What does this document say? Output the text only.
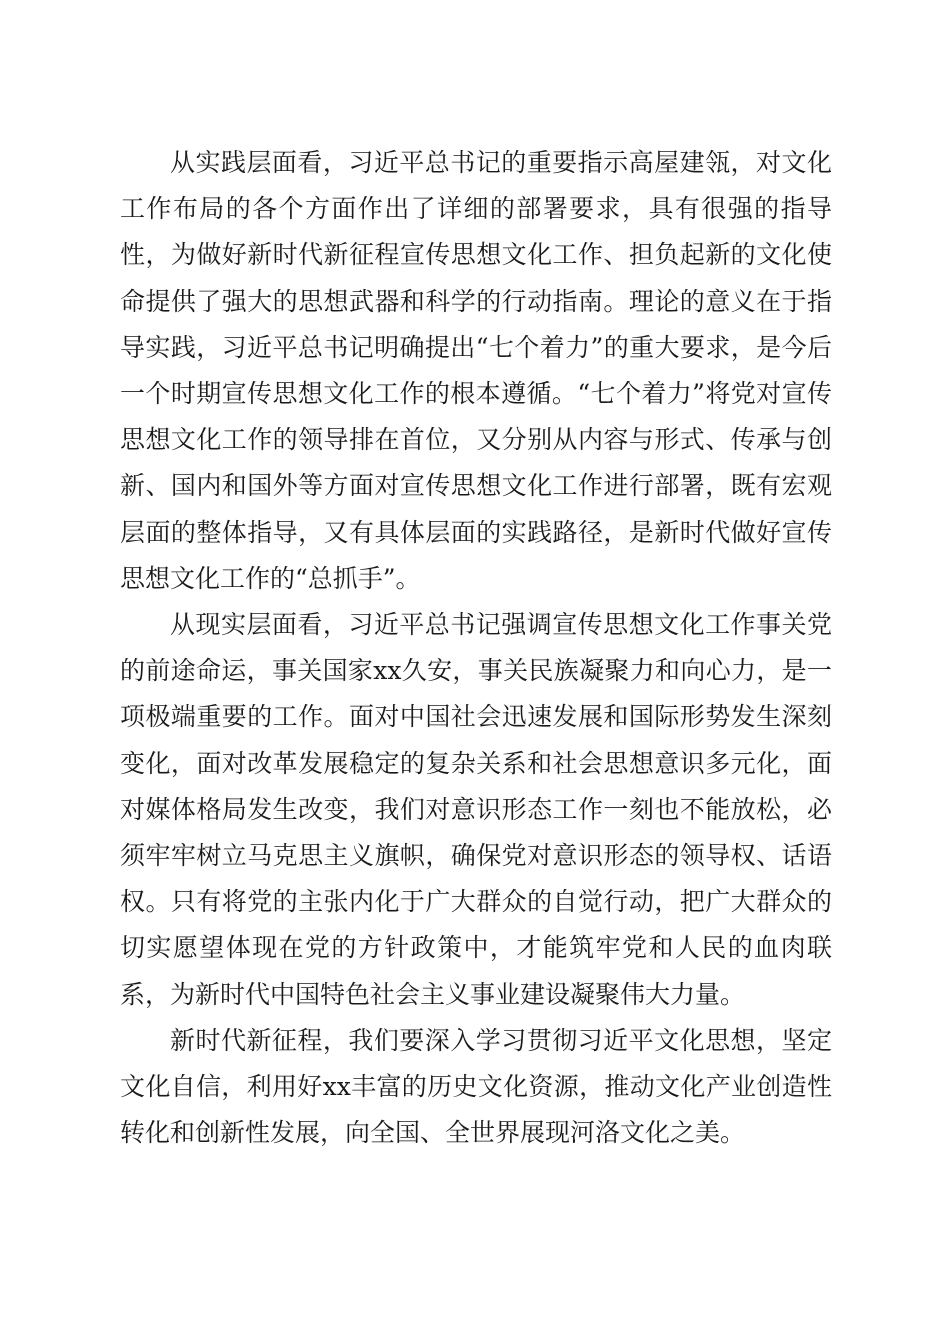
从实践层面看，习近平总书记的重要指示高屋建瓴，对文化工作布局的各个方面作出了详细的部署要求，具有很强的指导性，为做好新时代新征程宣传思想文化工作、担负起新的文化使命提供了强大的思想武器和科学的行动指南。理论的意义在于指导实践，习近平总书记明确提出“七个着力”的重大要求，是今后一个时期宣传思想文化工作的根本遵循。“七个着力”将党对宣传思想文化工作的领导排在首位，又分别从内容与形式、传承与创新、国内和国外等方面对宣传思想文化工作进行部署，既有宏观层面的整体指导，又有具体层面的实践路径，是新时代做好宣传思想文化工作的“总抓手”。

从现实层面看，习近平总书记强调宣传思想文化工作事关党的前途命运，事关国家xx久安，事关民族凝聚力和向心力，是一项极端重要的工作。面对中国社会迅速发展和国际形势发生深刻变化，面对改革发展稳定的复杂关系和社会思想意识多元化，面对媒体格局发生改变，我们对意识形态工作一刻也不能放松，必须牢牢树立马克思主义旗帜，确保党对意识形态的领导权、话语权。只有将党的主张内化于广大群众的自觉行动，把广大群众的切实愿望体现在党的方针政策中，才能筑牢党和人民的血肉联系，为新时代中国特色社会主义事业建设凝聚伟大力量。

新时代新征程，我们要深入学习贯彻习近平文化思想，坚定文化自信，利用好xx丰富的历史文化资源，推动文化产业创造性转化和创新性发展，向全国、全世界展现河洛文化之美。
